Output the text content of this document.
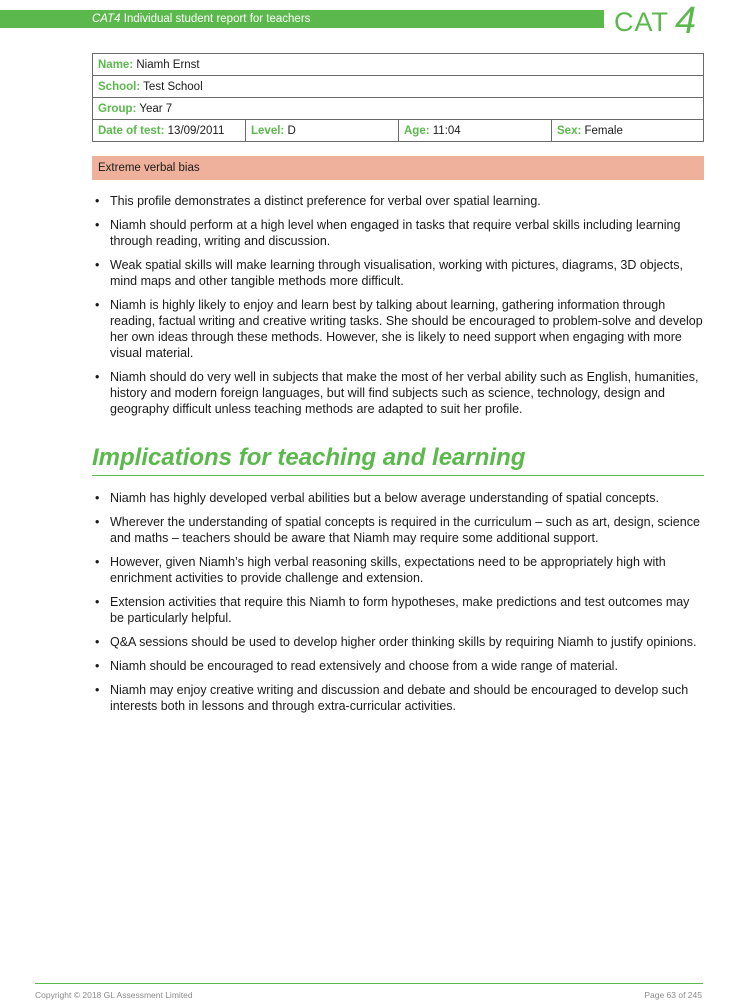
CAT4 Individual student report for teachers	CAT 4
Name: Niamh Ernst
School: Test School
Group: Year 7
Date of test: 13/09/2011	Level: D	Age: 11:04	Sex: Female
Extreme verbal bias
• This profile demonstrates a distinct preference for verbal over spatial learning.
• Niamh should perform at a high level when engaged in tasks that require verbal skills including learning through reading, writing and discussion.
• Weak spatial skills will make learning through visualisation, working with pictures, diagrams, 3D objects, mind maps and other tangible methods more difficult.
• Niamh is highly likely to enjoy and learn best by talking about learning, gathering information through reading, factual writing and creative writing tasks. She should be encouraged to problem-solve and develop her own ideas through these methods. However, she is likely to need support when engaging with more visual material.
• Niamh should do very well in subjects that make the most of her verbal ability such as English, humanities, history and modern foreign languages, but will find subjects such as science, technology, design and geography difficult unless teaching methods are adapted to suit her profile.
Implications for teaching and learning
• Niamh has highly developed verbal abilities but a below average understanding of spatial concepts.
• Wherever the understanding of spatial concepts is required in the curriculum – such as art, design, science and maths – teachers should be aware that Niamh may require some additional support.
• However, given Niamh’s high verbal reasoning skills, expectations need to be appropriately high with enrichment activities to provide challenge and extension.
• Extension activities that require this Niamh to form hypotheses, make predictions and test outcomes may be particularly helpful.
• Q&A sessions should be used to develop higher order thinking skills by requiring Niamh to justify opinions.
• Niamh should be encouraged to read extensively and choose from a wide range of material.
• Niamh may enjoy creative writing and discussion and debate and should be encouraged to develop such interests both in lessons and through extra-curricular activities.
Copyright © 2018 GL Assessment Limited	Page 63 of 245
